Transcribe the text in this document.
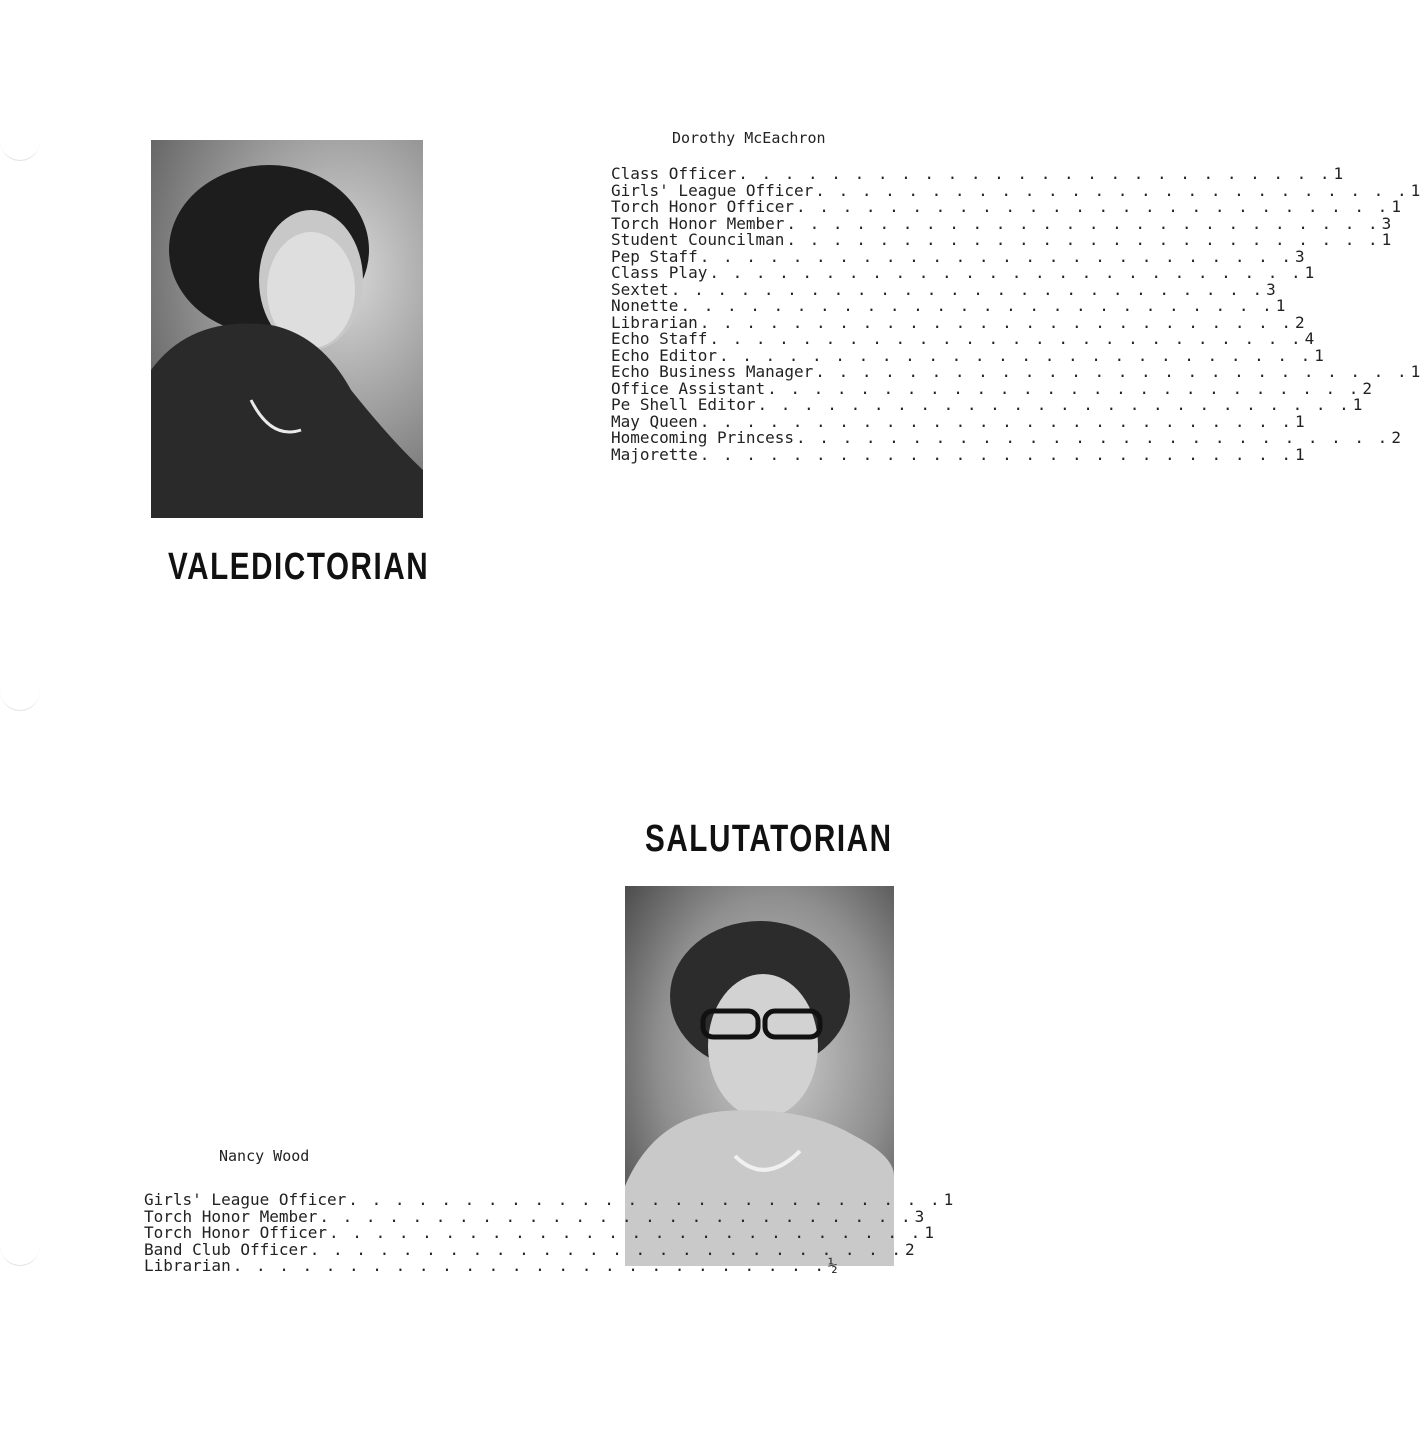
VALEDICTORIAN
Dorothy McEachron
Class Officer . . . . . . . . . . . . . . . . . . . . . . . . . . 1
Girls' League Officer . . . . . . . . . . . . . . . . . . . . . . . . . . 1
Torch Honor Officer . . . . . . . . . . . . . . . . . . . . . . . . . . 1
Torch Honor Member . . . . . . . . . . . . . . . . . . . . . . . . . . 3
Student Councilman . . . . . . . . . . . . . . . . . . . . . . . . . . 1
Pep Staff . . . . . . . . . . . . . . . . . . . . . . . . . . 3
Class Play . . . . . . . . . . . . . . . . . . . . . . . . . . 1
Sextet . . . . . . . . . . . . . . . . . . . . . . . . . . 3
Nonette . . . . . . . . . . . . . . . . . . . . . . . . . . 1
Librarian . . . . . . . . . . . . . . . . . . . . . . . . . . 2
Echo Staff . . . . . . . . . . . . . . . . . . . . . . . . . . 4
Echo Editor . . . . . . . . . . . . . . . . . . . . . . . . . . 1
Echo Business Manager . . . . . . . . . . . . . . . . . . . . . . . . . . 1
Office Assistant . . . . . . . . . . . . . . . . . . . . . . . . . . 2
Pe Shell Editor . . . . . . . . . . . . . . . . . . . . . . . . . . 1
May Queen . . . . . . . . . . . . . . . . . . . . . . . . . . 1
Homecoming Princess . . . . . . . . . . . . . . . . . . . . . . . . . . 2
Majorette . . . . . . . . . . . . . . . . . . . . . . . . . . 1
SALUTATORIAN
Nancy Wood
Girls' League Officer . . . . . . . . . . . . . . . . . . . . . . . . . . 1
Torch Honor Member . . . . . . . . . . . . . . . . . . . . . . . . . . 3
Torch Honor Officer . . . . . . . . . . . . . . . . . . . . . . . . . . 1
Band Club Officer . . . . . . . . . . . . . . . . . . . . . . . . . . 2
Librarian . . . . . . . . . . . . . . . . . . . . . . . . . . ½
